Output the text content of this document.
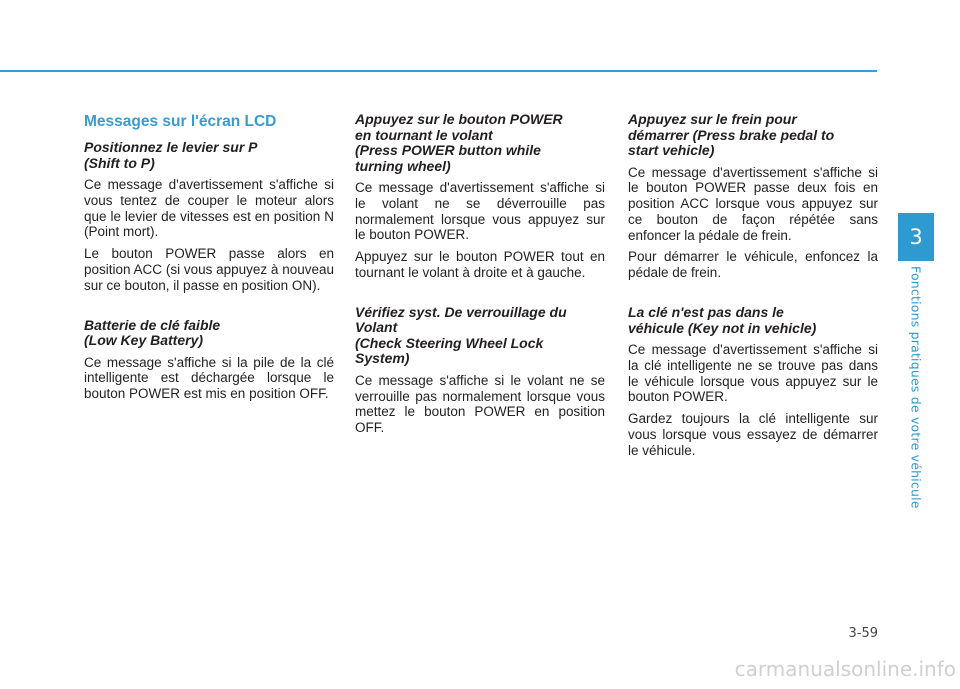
3
Fonctions pratiques de votre véhicule
Messages sur l'écran LCD
Positionnez le levier sur P
(Shift to P)

Ce message d'avertissement s'affiche si vous tentez de couper le moteur alors que le levier de vitesses est en position N (Point mort).

Le bouton POWER passe alors en position ACC (si vous appuyez à nouveau sur ce bouton, il passe en position ON).

Batterie de clé faible
(Low Key Battery)

Ce message s'affiche si la pile de la clé intelligente est déchargée lorsque le bouton POWER est mis en position OFF.

Appuyez sur le bouton POWER
en tournant le volant
(Press POWER button while
turning wheel)

Ce message d'avertissement s'affiche si le volant ne se déverrouille pas normalement lorsque vous appuyez sur le bouton POWER.

Appuyez sur le bouton POWER tout en tournant le volant à droite et à gauche.

Vérifiez syst. De verrouillage du
Volant
(Check Steering Wheel Lock
System)

Ce message s'affiche si le volant ne se verrouille pas normalement lorsque vous mettez le bouton POWER en position OFF.

Appuyez sur le frein pour
démarrer (Press brake pedal to
start vehicle)

Ce message d'avertissement s'affiche si le bouton POWER passe deux fois en position ACC lorsque vous appuyez sur ce bouton de façon répétée sans enfoncer la pédale de frein.

Pour démarrer le véhicule, enfoncez la pédale de frein.

La clé n'est pas dans le
véhicule (Key not in vehicle)

Ce message d'avertissement s'affiche si la clé intelligente ne se trouve pas dans le véhicule lorsque vous appuyez sur le bouton POWER.

Gardez toujours la clé intelligente sur vous lorsque vous essayez de démarrer le véhicule.

3-59
carmanualsonline.info
